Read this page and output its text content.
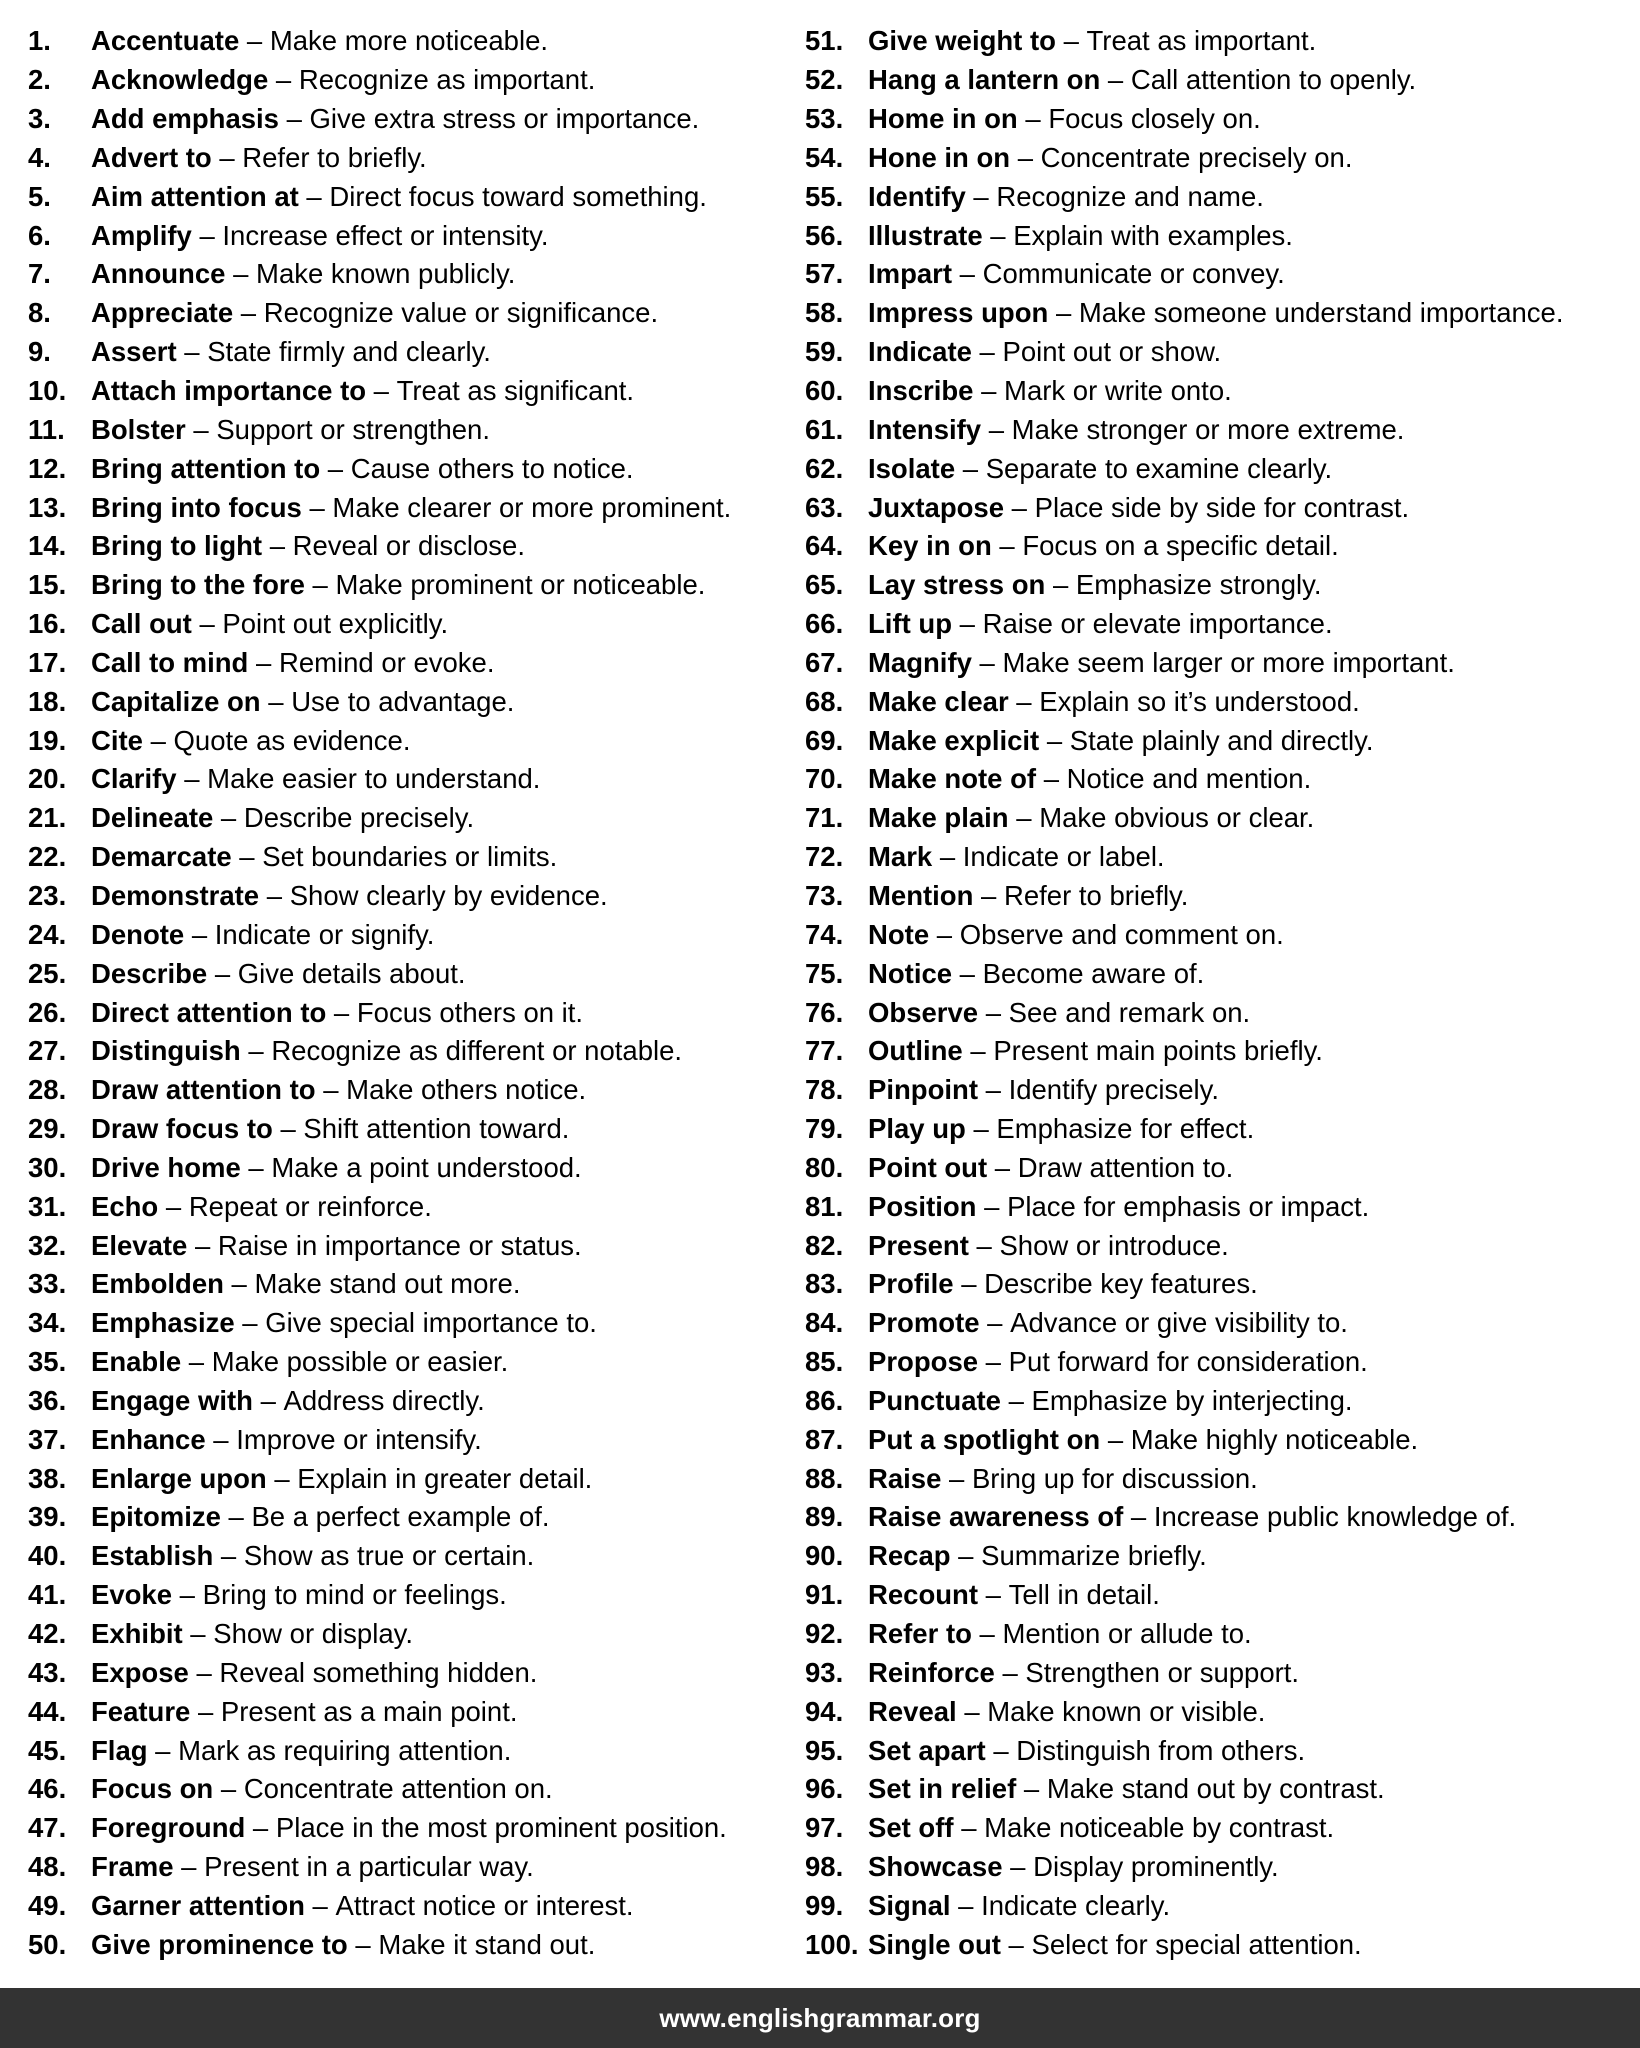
1.	Accentuate – Make more noticeable.
2.	Acknowledge – Recognize as important.
3.	Add emphasis – Give extra stress or importance.
4.	Advert to – Refer to briefly.
5.	Aim attention at – Direct focus toward something.
6.	Amplify – Increase effect or intensity.
7.	Announce – Make known publicly.
8.	Appreciate – Recognize value or significance.
9.	Assert – State firmly and clearly.
10. Attach importance to – Treat as significant.
11. Bolster – Support or strengthen.
12. Bring attention to – Cause others to notice.
13. Bring into focus – Make clearer or more prominent.
14. Bring to light – Reveal or disclose.
15. Bring to the fore – Make prominent or noticeable.
16. Call out – Point out explicitly.
17. Call to mind – Remind or evoke.
18. Capitalize on – Use to advantage.
19. Cite – Quote as evidence.
20. Clarify – Make easier to understand.
21. Delineate – Describe precisely.
22. Demarcate – Set boundaries or limits.
23. Demonstrate – Show clearly by evidence.
24. Denote – Indicate or signify.
25. Describe – Give details about.
26. Direct attention to – Focus others on it.
27. Distinguish – Recognize as different or notable.
28. Draw attention to – Make others notice.
29. Draw focus to – Shift attention toward.
30. Drive home – Make a point understood.
31. Echo – Repeat or reinforce.
32. Elevate – Raise in importance or status.
33. Embolden – Make stand out more.
34. Emphasize – Give special importance to.
35. Enable – Make possible or easier.
36. Engage with – Address directly.
37. Enhance – Improve or intensify.
38. Enlarge upon – Explain in greater detail.
39. Epitomize – Be a perfect example of.
40. Establish – Show as true or certain.
41. Evoke – Bring to mind or feelings.
42. Exhibit – Show or display.
43. Expose – Reveal something hidden.
44. Feature – Present as a main point.
45. Flag – Mark as requiring attention.
46. Focus on – Concentrate attention on.
47. Foreground – Place in the most prominent position.
48. Frame – Present in a particular way.
49. Garner attention – Attract notice or interest.
50. Give prominence to – Make it stand out.
51. Give weight to – Treat as important.
52. Hang a lantern on – Call attention to openly.
53. Home in on – Focus closely on.
54. Hone in on – Concentrate precisely on.
55. Identify – Recognize and name.
56. Illustrate – Explain with examples.
57. Impart – Communicate or convey.
58. Impress upon – Make someone understand importance.
59. Indicate – Point out or show.
60. Inscribe – Mark or write onto.
61. Intensify – Make stronger or more extreme.
62. Isolate – Separate to examine clearly.
63. Juxtapose – Place side by side for contrast.
64. Key in on – Focus on a specific detail.
65. Lay stress on – Emphasize strongly.
66. Lift up – Raise or elevate importance.
67. Magnify – Make seem larger or more important.
68. Make clear – Explain so it’s understood.
69. Make explicit – State plainly and directly.
70. Make note of – Notice and mention.
71. Make plain – Make obvious or clear.
72. Mark – Indicate or label.
73. Mention – Refer to briefly.
74. Note – Observe and comment on.
75. Notice – Become aware of.
76. Observe – See and remark on.
77. Outline – Present main points briefly.
78. Pinpoint – Identify precisely.
79. Play up – Emphasize for effect.
80. Point out – Draw attention to.
81. Position – Place for emphasis or impact.
82. Present – Show or introduce.
83. Profile – Describe key features.
84. Promote – Advance or give visibility to.
85. Propose – Put forward for consideration.
86. Punctuate – Emphasize by interjecting.
87. Put a spotlight on – Make highly noticeable.
88. Raise – Bring up for discussion.
89. Raise awareness of – Increase public knowledge of.
90. Recap – Summarize briefly.
91. Recount – Tell in detail.
92. Refer to – Mention or allude to.
93. Reinforce – Strengthen or support.
94. Reveal – Make known or visible.
95. Set apart – Distinguish from others.
96. Set in relief – Make stand out by contrast.
97. Set off – Make noticeable by contrast.
98. Showcase – Display prominently.
99. Signal – Indicate clearly.
100. Single out – Select for special attention.
www.englishgrammar.org
